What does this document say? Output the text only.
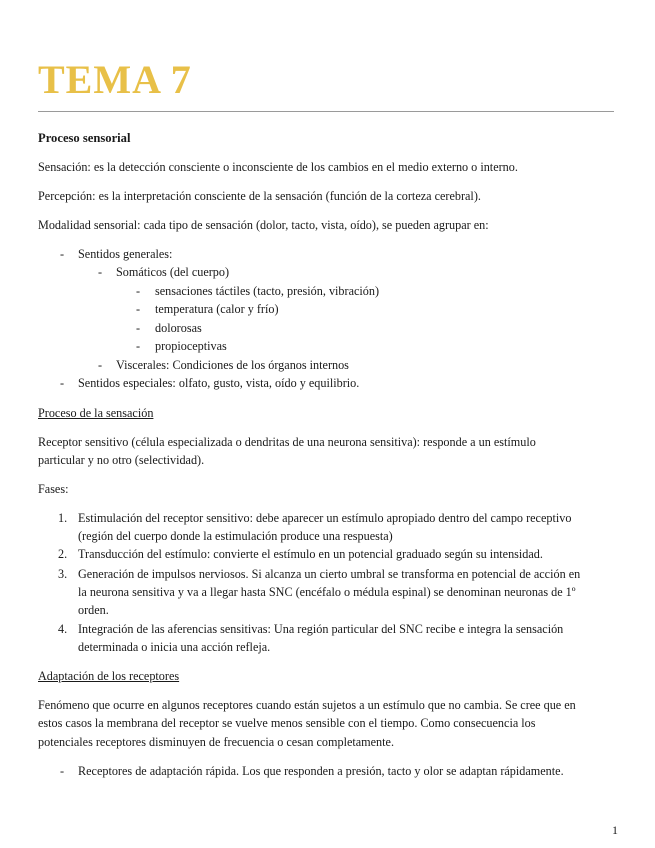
TEMA 7
Proceso sensorial
Sensación: es la detección consciente o inconsciente de los cambios en el medio externo o interno.
Percepción: es la interpretación consciente de la sensación (función de la corteza cerebral).
Modalidad sensorial: cada tipo de sensación (dolor, tacto, vista, oído), se pueden agrupar en:
- Sentidos generales:
- Somáticos (del cuerpo)
- sensaciones táctiles (tacto, presión, vibración)
- temperatura (calor y frío)
- dolorosas
- propioceptivas
- Viscerales: Condiciones de los órganos internos
- Sentidos especiales: olfato, gusto, vista, oído y equilibrio.
Proceso de la sensación
Receptor sensitivo (célula especializada o dendritas de una neurona sensitiva): responde a un estímulo
particular y no otro (selectividad).
Fases:
1. Estimulación del receptor sensitivo: debe aparecer un estímulo apropiado dentro del campo receptivo
(región del cuerpo donde la estimulación produce una respuesta)
2. Transducción del estímulo: convierte el estímulo en un potencial graduado según su intensidad.
3. Generación de impulsos nerviosos. Si alcanza un cierto umbral se transforma en potencial de acción en
la neurona sensitiva y va a llegar hasta SNC (encéfalo o médula espinal) se denominan neuronas de 1º
orden.
4. Integración de las aferencias sensitivas: Una región particular del SNC recibe e integra la sensación
determinada o inicia una acción refleja.
Adaptación de los receptores
Fenómeno que ocurre en algunos receptores cuando están sujetos a un estímulo que no cambia. Se cree que en
estos casos la membrana del receptor se vuelve menos sensible con el tiempo. Como consecuencia los
potenciales receptores disminuyen de frecuencia o cesan completamente.
- Receptores de adaptación rápida. Los que responden a presión, tacto y olor se adaptan rápidamente.
1
